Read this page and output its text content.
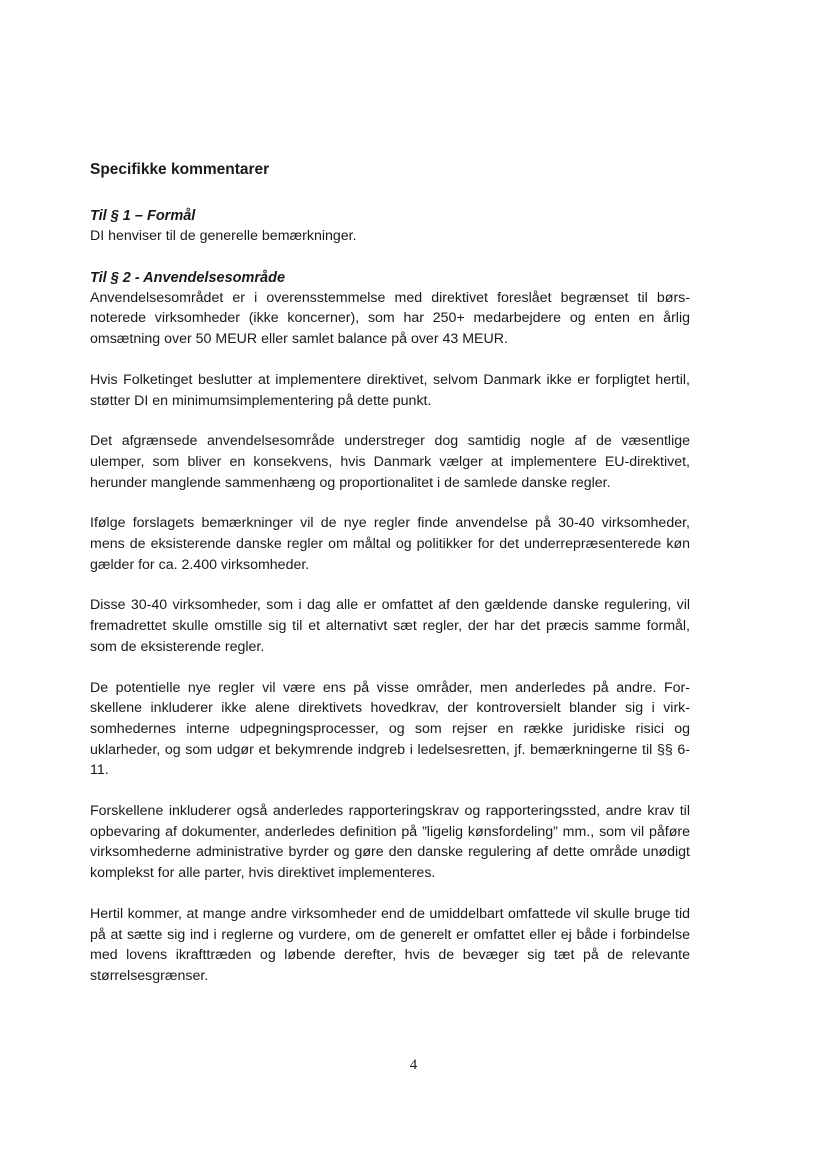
Specifikke kommentarer
Til § 1 – Formål

DI henviser til de generelle bemærkninger.

Til § 2 - Anvendelsesområde

Anvendelsesområdet er i overensstemmelse med direktivet foreslået begrænset til børs-noterede virksomheder (ikke koncerner), som har 250+ medarbejdere og enten en årlig omsætning over 50 MEUR eller samlet balance på over 43 MEUR.

Hvis Folketinget beslutter at implementere direktivet, selvom Danmark ikke er forpligtet hertil, støtter DI en minimumsimplementering på dette punkt.

Det afgrænsede anvendelsesområde understreger dog samtidig nogle af de væsentlige ulemper, som bliver en konsekvens, hvis Danmark vælger at implementere EU-direktivet, herunder manglende sammenhæng og proportionalitet i de samlede danske regler.

Ifølge forslagets bemærkninger vil de nye regler finde anvendelse på 30-40 virksomheder, mens de eksisterende danske regler om måltal og politikker for det underrepræsenterede køn gælder for ca. 2.400 virksomheder.

Disse 30-40 virksomheder, som i dag alle er omfattet af den gældende danske regulering, vil fremadrettet skulle omstille sig til et alternativt sæt regler, der har det præcis samme formål, som de eksisterende regler.

De potentielle nye regler vil være ens på visse områder, men anderledes på andre. For-skellene inkluderer ikke alene direktivets hovedkrav, der kontroversielt blander sig i virk-somhedernes interne udpegningsprocesser, og som rejser en række juridiske risici og uklarheder, og som udgør et bekymrende indgreb i ledelsesretten, jf. bemærkningerne til §§ 6-11.

Forskellene inkluderer også anderledes rapporteringskrav og rapporteringssted, andre krav til opbevaring af dokumenter, anderledes definition på ”ligelig kønsfordeling” mm., som vil påføre virksomhederne administrative byrder og gøre den danske regulering af dette område unødigt komplekst for alle parter, hvis direktivet implementeres.

Hertil kommer, at mange andre virksomheder end de umiddelbart omfattede vil skulle bruge tid på at sætte sig ind i reglerne og vurdere, om de generelt er omfattet eller ej både i forbindelse med lovens ikrafttræden og løbende derefter, hvis de bevæger sig tæt på de relevante størrelsesgrænser.

4
